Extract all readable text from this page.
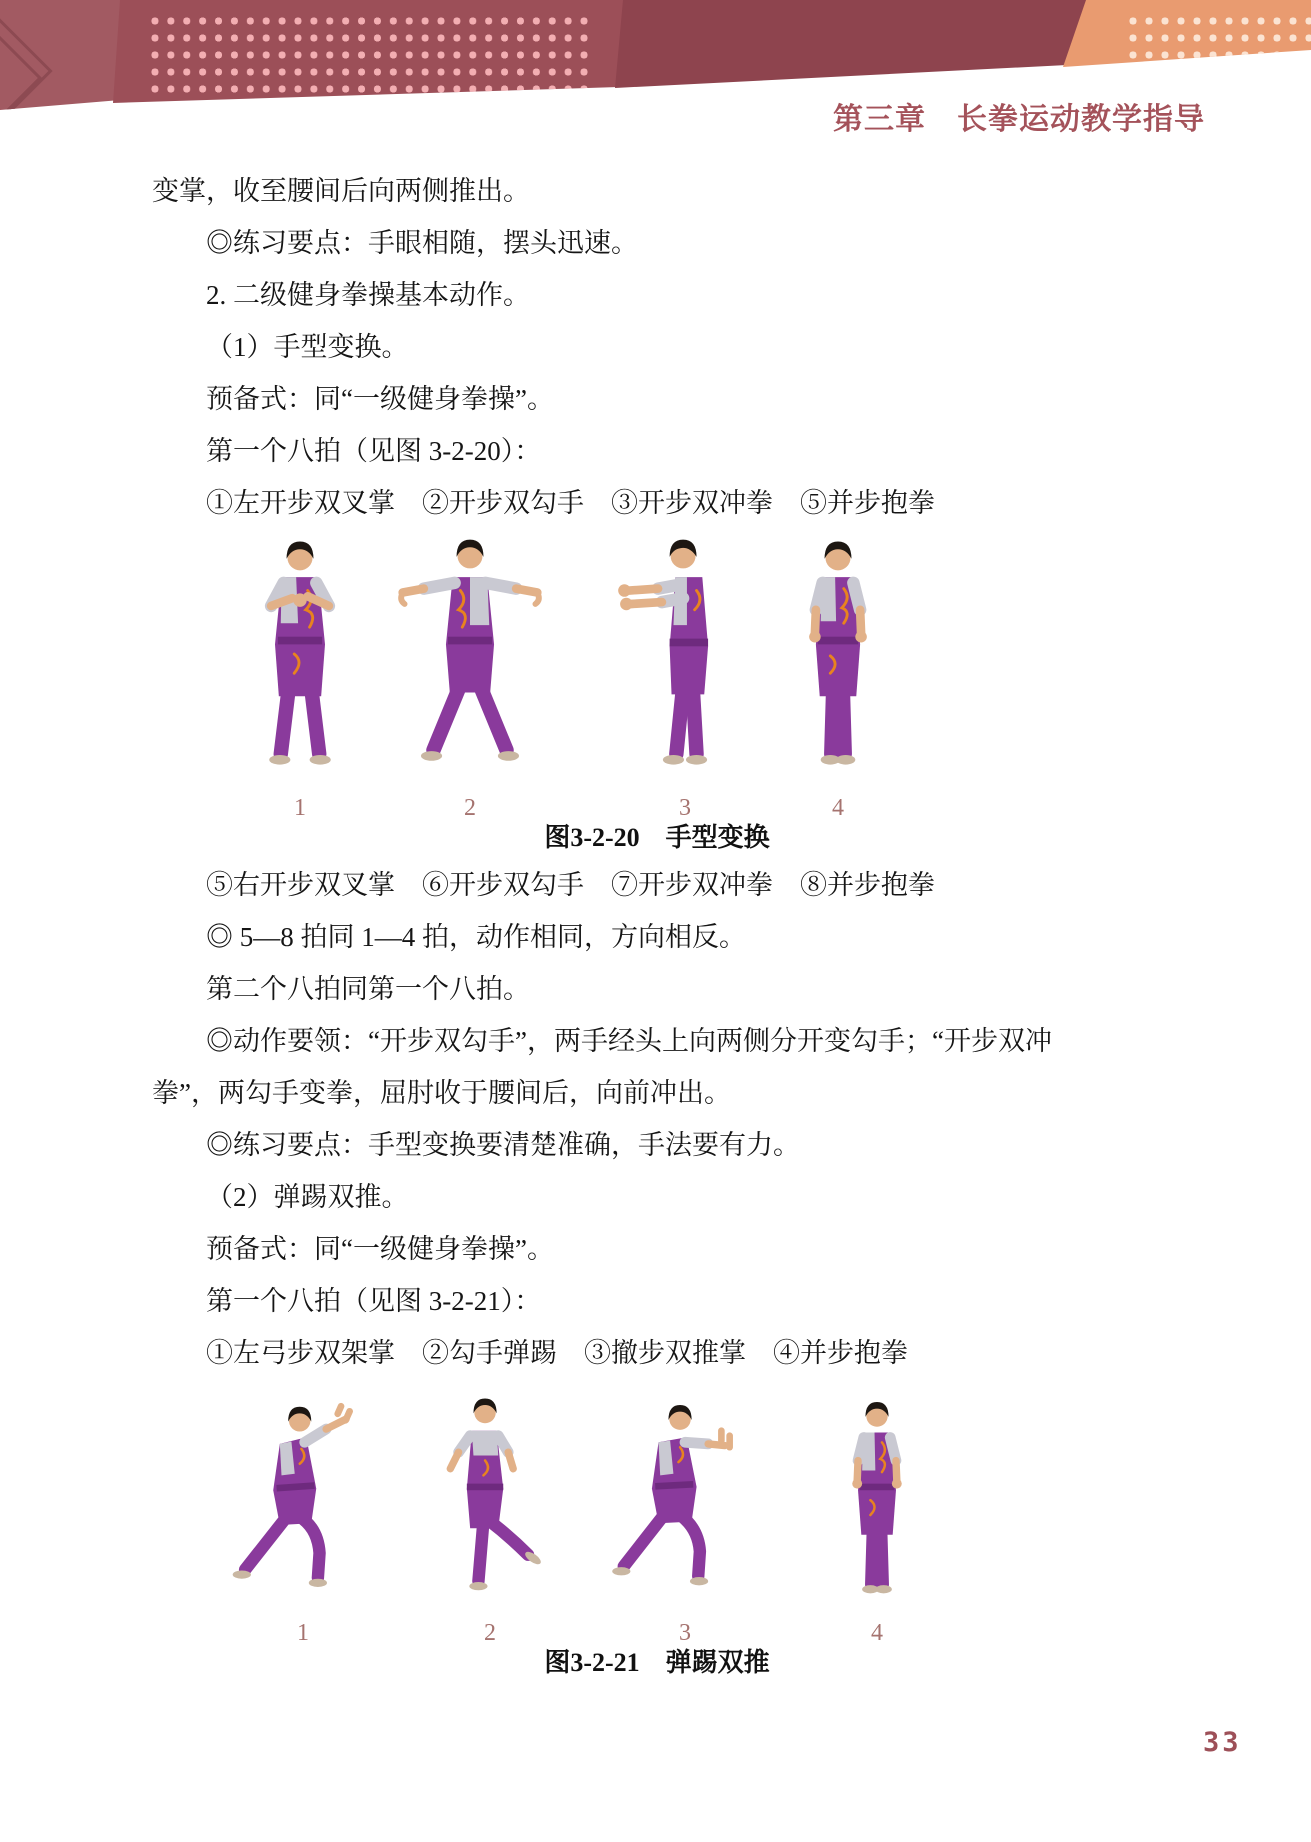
第三章　长拳运动教学指导

变掌，收至腰间后向两侧推出。

◎练习要点：手眼相随，摆头迅速。

2. 二级健身拳操基本动作。

（1）手型变换。

预备式：同“一级健身拳操”。

第一个八拍（见图 3-2-20）：

①左开步双叉掌　②开步双勾手　③开步双冲拳　⑤并步抱拳

1	2	3	4
图3-2-20　手型变换

⑤右开步双叉掌　⑥开步双勾手　⑦开步双冲拳　⑧并步抱拳

◎ 5—8 拍同 1—4 拍，动作相同，方向相反。

第二个八拍同第一个八拍。

◎动作要领：“开步双勾手”，两手经头上向两侧分开变勾手；“开步双冲

拳”，两勾手变拳，屈肘收于腰间后，向前冲出。

◎练习要点：手型变换要清楚准确，手法要有力。

（2）弹踢双推。

预备式：同“一级健身拳操”。

第一个八拍（见图 3-2-21）：

①左弓步双架掌　②勾手弹踢　③撤步双推掌　④并步抱拳

1	2	3	4
图3-2-21　弹踢双推
33
